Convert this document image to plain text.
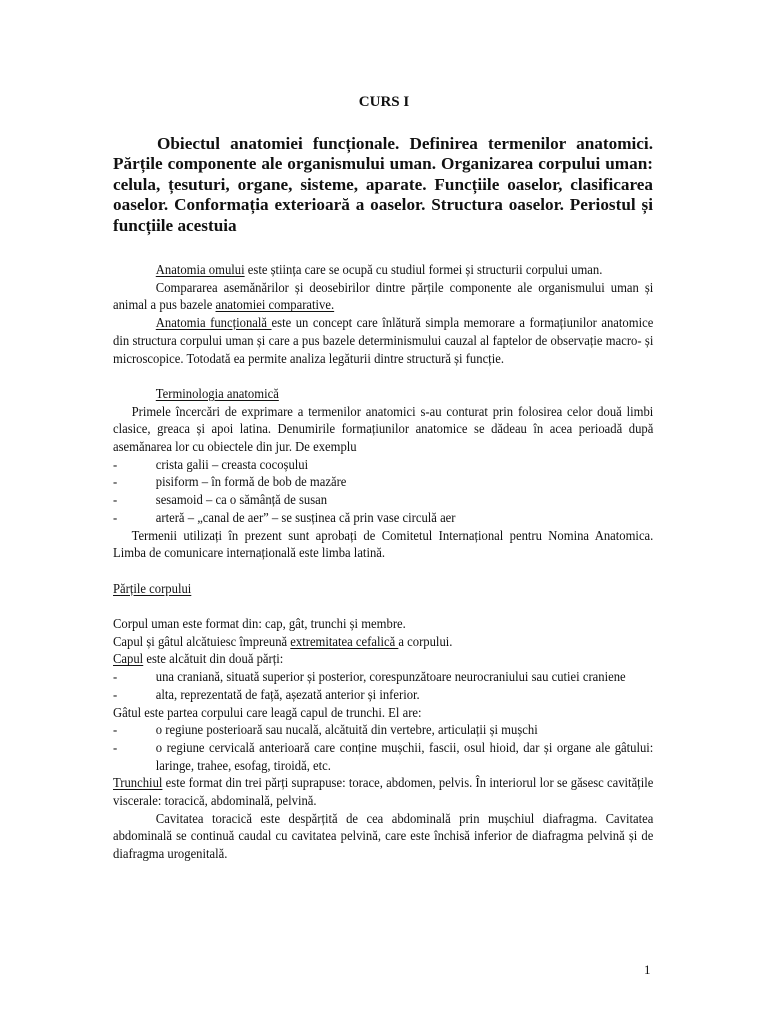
CURS I

Obiectul anatomiei funcționale. Definirea termenilor anatomici. Părțile componente ale organismului uman. Organizarea corpului uman: celula, țesuturi, organe, sisteme, aparate. Funcțiile oaselor, clasificarea oaselor. Conformația exterioară a oaselor. Structura oaselor. Periostul și funcțiile acestuia

Anatomia omului este știința care se ocupă cu studiul formei și structurii corpului uman.

Compararea asemănărilor și deosebirilor dintre părțile componente ale organismului uman și animal a pus bazele anatomiei comparative.

Anatomia funcțională este un concept care înlătură simpla memorare a formațiunilor anatomice din structura corpului uman și care a pus bazele determinismului cauzal al faptelor de observație macro- și microscopice. Totodată ea permite analiza legăturii dintre structură și funcție.

Terminologia anatomică

Primele încercări de exprimare a termenilor anatomici s-au conturat prin folosirea celor două limbi clasice, greaca și apoi latina. Denumirile formațiunilor anatomice se dădeau în acea perioadă după asemănarea lor cu obiectele din jur. De exemplu

-	crista galii – creasta cocoșului
-	pisiform – în formă de bob de mazăre
-	sesamoid – ca o sămânță de susan
-	arteră – „canal de aer” – se susținea că prin vase circulă aer

Termenii utilizați în prezent sunt aprobați de Comitetul Internațional pentru Nomina Anatomica. Limba de comunicare internațională este limba latină.

Părțile corpului

Corpul uman este format din: cap, gât, trunchi și membre.

Capul și gâtul alcătuiesc împreună extremitatea cefalică a corpului.

Capul este alcătuit din două părți:

-	una craniană, situată superior și posterior, corespunzătoare neurocraniului sau cutiei craniene
-	alta, reprezentată de față, așezată anterior și inferior.

Gâtul este partea corpului care leagă capul de trunchi. El are:

-	o regiune posterioară sau nucală, alcătuită din vertebre, articulații și mușchi
-	o regiune cervicală anterioară care conține mușchii, fascii, osul hioid, dar și organe ale gâtului: laringe, trahee, esofag, tiroidă, etc.

Trunchiul este format din trei părți suprapuse: torace, abdomen, pelvis. În interiorul lor se găsesc cavitățile viscerale: toracică, abdominală, pelvină.

Cavitatea toracică este despărțită de cea abdominală prin mușchiul diafragma. Cavitatea abdominală se continuă caudal cu cavitatea pelvină, care este închisă inferior de diafragma pelvină și de diafragma urogenitală.

1
